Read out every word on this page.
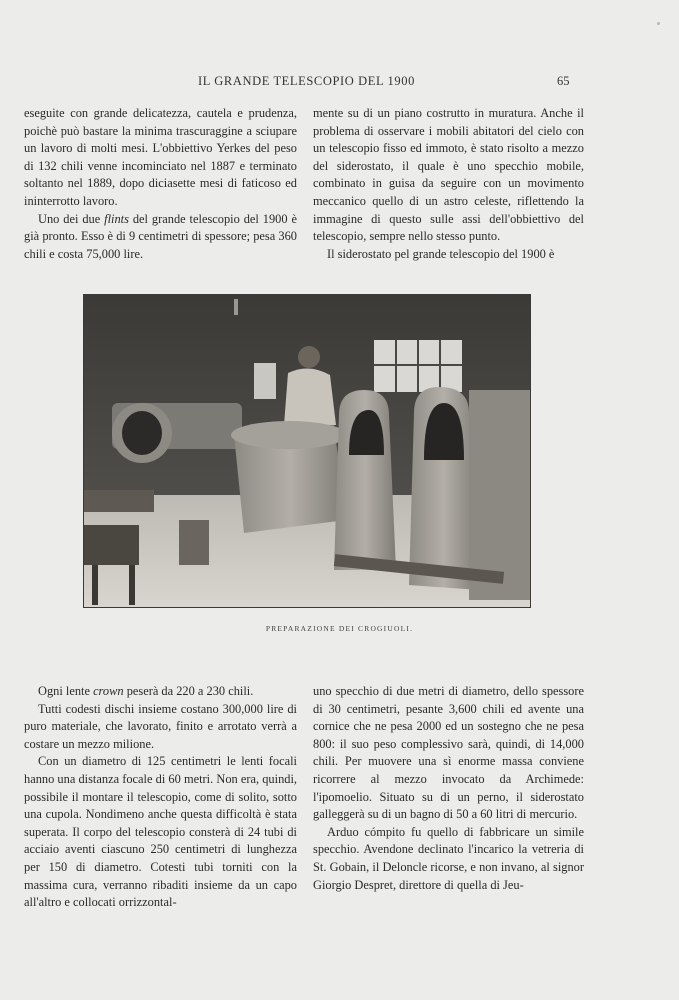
IL GRANDE TELESCOPIO DEL 1900	65

eseguite con grande delicatezza, cautela e prudenza, poichè può bastare la minima trascuraggine a sciupare un lavoro di molti mesi. L'obbiettivo Yerkes del peso di 132 chili venne incominciato nel 1887 e terminato soltanto nel 1889, dopo diciasette mesi di faticoso ed ininterrotto lavoro.

Uno dei due flints del grande telescopio del 1900 è già pronto. Esso è di 9 centimetri di spessore; pesa 360 chili e costa 75,000 lire.

mente su di un piano costrutto in muratura. Anche il problema di osservare i mobili abitatori del cielo con un telescopio fisso ed immoto, è stato risolto a mezzo del siderostato, il quale è uno specchio mobile, combinato in guisa da seguire con un movimento meccanico quello di un astro celeste, riflettendo la immagine di questo sulle assi dell'obbiettivo del telescopio, sempre nello stesso punto.

Il siderostato pel grande telescopio del 1900 è

PREPARAZIONE DEI CROGIUOLI.

Ogni lente crown peserà da 220 a 230 chili.

Tutti codesti dischi insieme costano 300,000 lire di puro materiale, che lavorato, finito e arrotato verrà a costare un mezzo milione.

Con un diametro di 125 centimetri le lenti focali hanno una distanza focale di 60 metri. Non era, quindi, possibile il montare il telescopio, come di solito, sotto una cupola. Nondimeno anche questa difficoltà è stata superata. Il corpo del telescopio consterà di 24 tubi di acciaio aventi ciascuno 250 centimetri di lunghezza per 150 di diametro. Cotesti tubi torniti con la massima cura, verranno ribaditi insieme da un capo all'altro e collocati orrizzontal-

uno specchio di due metri di diametro, dello spessore di 30 centimetri, pesante 3,600 chili ed avente una cornice che ne pesa 2000 ed un sostegno che ne pesa 800: il suo peso complessivo sarà, quindi, di 14,000 chili. Per muovere una sì enorme massa conviene ricorrere al mezzo invocato da Archimede: l'ipomoelio. Situato su di un perno, il siderostato galleggerà su di un bagno di 50 a 60 litri di mercurio.

Arduo cómpito fu quello di fabbricare un simile specchio. Avendone declinato l'incarico la vetreria di St. Gobain, il Deloncle ricorse, e non invano, al signor Giorgio Despret, direttore di quella di Jeu-
